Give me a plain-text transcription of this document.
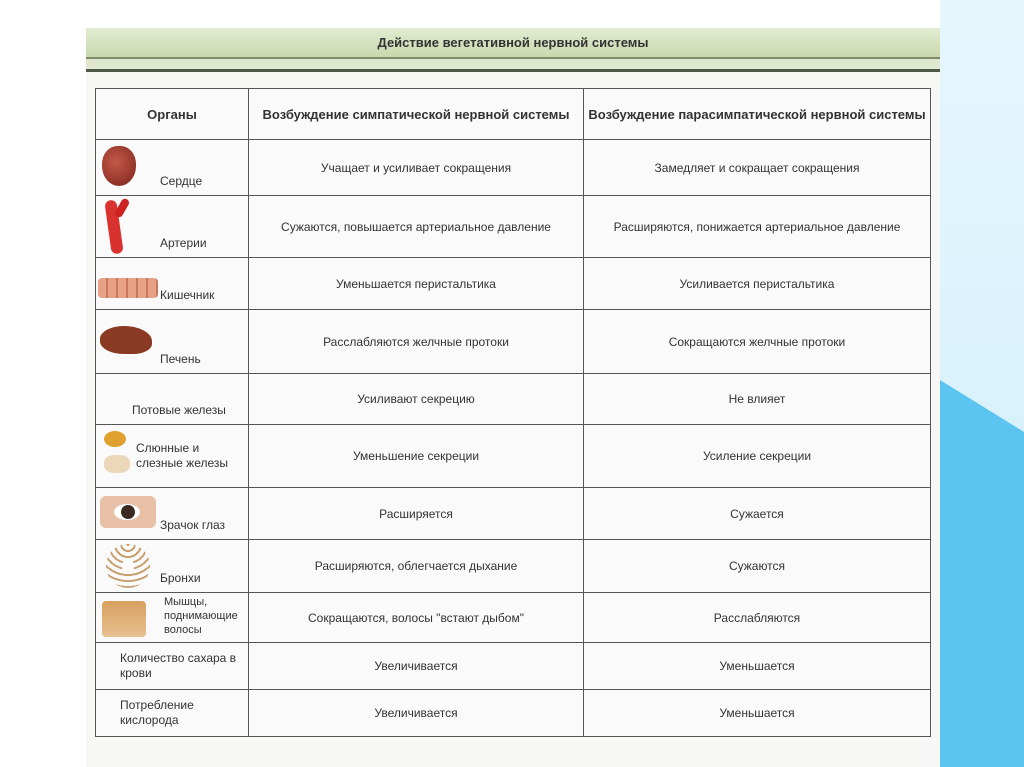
Действие вегетативной нервной системы
Органы	Возбуждение симпатической нервной системы	Возбуждение парасимпатической нервной системы

Сердце	Учащает и усиливает сокращения	Замедляет и сокращает сокращения

Артерии	Сужаются, повышается артериальное давление	Расширяются, понижается артериальное давление

Кишечник	Уменьшается перистальтика	Усиливается перистальтика

Печень	Расслабляются желчные протоки	Сокращаются желчные протоки

Потовые железы	Усиливают секрецию	Не влияет

Слюнные и слезные железы	Уменьшение секреции	Усиление секреции

Зрачок глаз	Расширяется	Сужается

Бронхи	Расширяются, облегчается дыхание	Сужаются

Мышцы, поднимающие волосы	Сокращаются, волосы "встают дыбом"	Расслабляются

Количество сахара в крови	Увеличивается	Уменьшается

Потребление кислорода	Увеличивается	Уменьшается
